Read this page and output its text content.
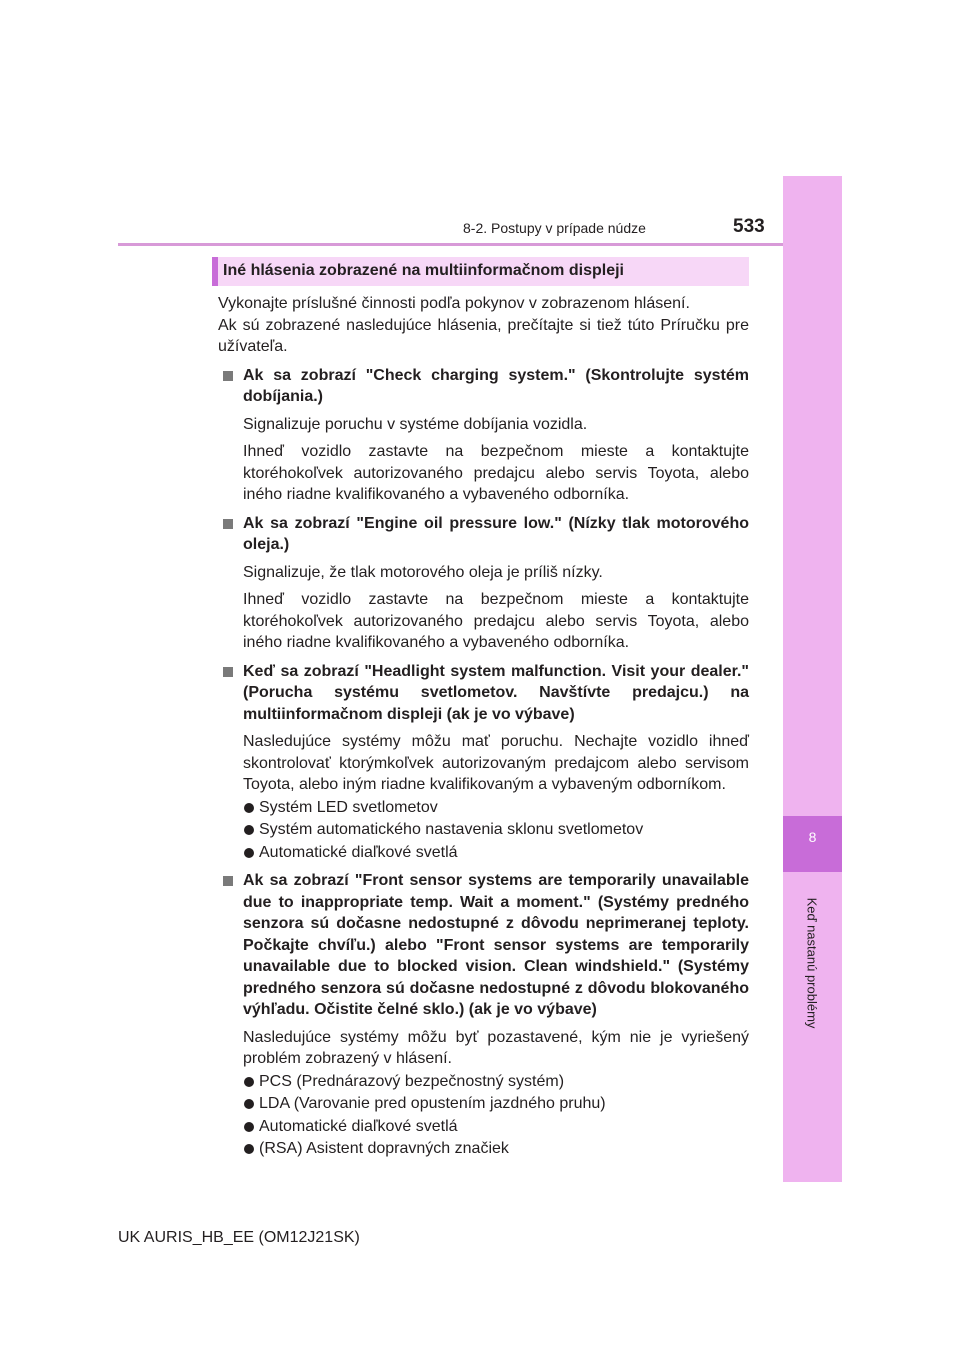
8
Keď nastanú problémy
8-2. Postupy v prípade núdze	533
Iné hlásenia zobrazené na multiinformačnom displeji

Vykonajte príslušné činnosti podľa pokynov v zobrazenom hlásení.

Ak sú zobrazené nasledujúce hlásenia, prečítajte si tiež túto Príručku pre užívateľa.

Ak sa zobrazí "Check charging system." (Skontrolujte systém dobíjania.)
Signalizuje poruchu v systéme dobíjania vozidla.
Ihneď vozidlo zastavte na bezpečnom mieste a kontaktujte ktoréhokoľvek autorizovaného predajcu alebo servis Toyota, alebo iného riadne kvalifikovaného a vybaveného odborníka.
Ak sa zobrazí "Engine oil pressure low." (Nízky tlak motorového oleja.)
Signalizuje, že tlak motorového oleja je príliš nízky.
Ihneď vozidlo zastavte na bezpečnom mieste a kontaktujte ktoréhokoľvek autorizovaného predajcu alebo servis Toyota, alebo iného riadne kvalifikovaného a vybaveného odborníka.
Keď sa zobrazí "Headlight system malfunction. Visit your dealer." (Porucha systému svetlometov. Navštívte predajcu.) na multiinformačnom displeji (ak je vo výbave)
Nasledujúce systémy môžu mať poruchu. Nechajte vozidlo ihneď skontrolovať ktorýmkoľvek autorizovaným predajcom alebo servisom Toyota, alebo iným riadne kvalifikovaným a vybaveným odborníkom.
Systém LED svetlometov
Systém automatického nastavenia sklonu svetlometov
Automatické diaľkové svetlá
Ak sa zobrazí "Front sensor systems are temporarily unavailable due to inappropriate temp. Wait a moment." (Systémy predného senzora sú dočasne nedostupné z dôvodu neprimeranej teploty. Počkajte chvíľu.) alebo "Front sensor systems are temporarily unavailable due to blocked vision. Clean windshield." (Systémy predného senzora sú dočasne nedostupné z dôvodu blokovaného výhľadu. Očistite čelné sklo.) (ak je vo výbave)
Nasledujúce systémy môžu byť pozastavené, kým nie je vyriešený problém zobrazený v hlásení.
PCS (Prednárazový bezpečnostný systém)
LDA (Varovanie pred opustením jazdného pruhu)
Automatické diaľkové svetlá
(RSA) Asistent dopravných značiek
UK AURIS_HB_EE (OM12J21SK)
